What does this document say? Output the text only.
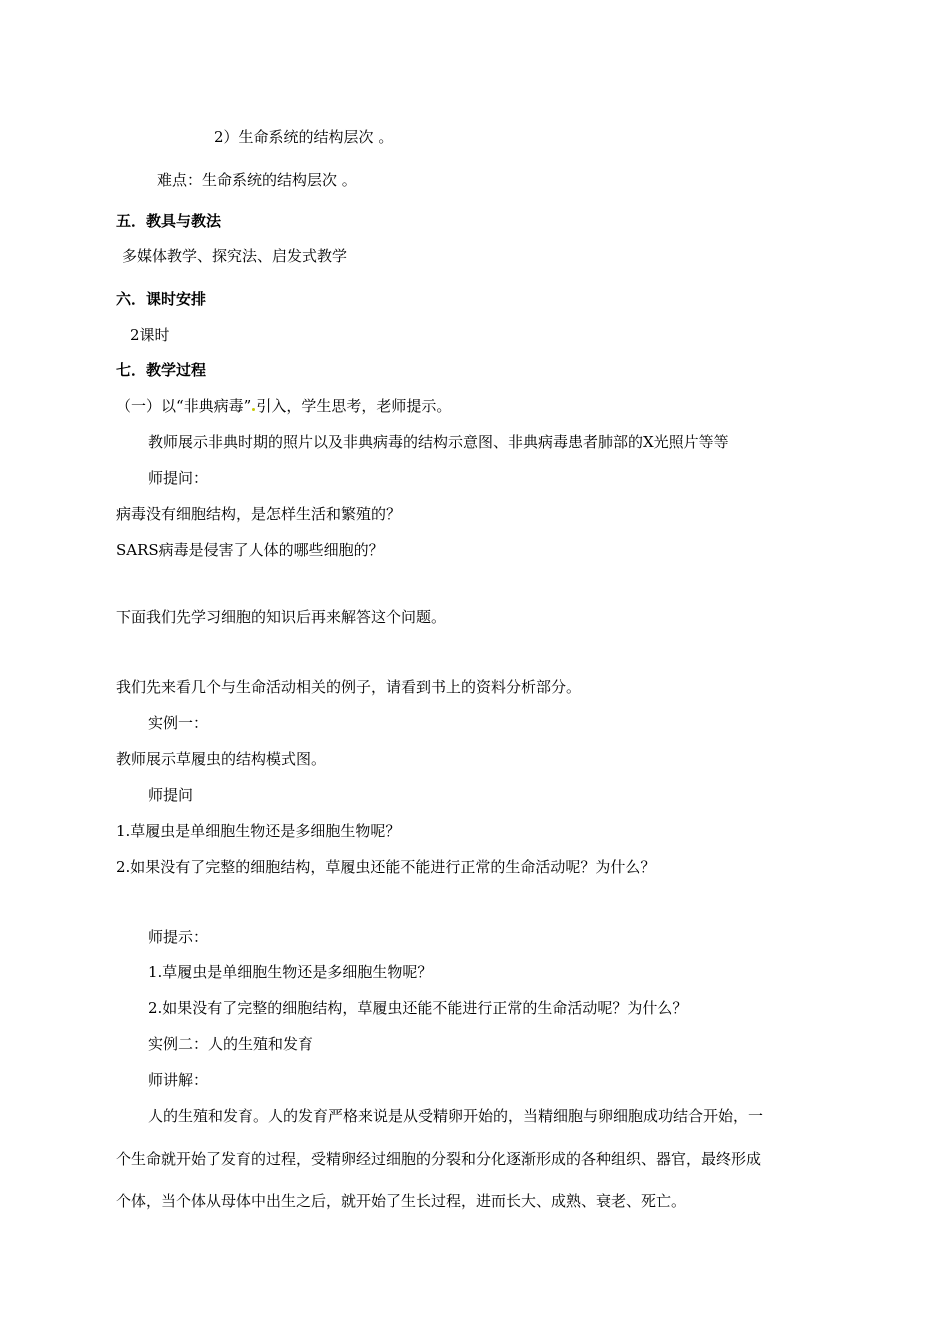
2）生命系统的结构层次 。
难点：生命系统的结构层次 。
五．教具与教法
多媒体教学、探究法、启发式教学
六．课时安排
2课时
七．教学过程
（一）以“非典病毒” 引入，学生思考，老师提示。
教师展示非典时期的照片以及非典病毒的结构示意图、非典病毒患者肺部的X光照片等等
师提问：
病毒没有细胞结构，是怎样生活和繁殖的？
SARS病毒是侵害了人体的哪些细胞的？
下面我们先学习细胞的知识后再来解答这个问题。
我们先来看几个与生命活动相关的例子，请看到书上的资料分析部分。
实例一：
教师展示草履虫的结构模式图。
师提问
1.草履虫是单细胞生物还是多细胞生物呢？
2.如果没有了完整的细胞结构，草履虫还能不能进行正常的生命活动呢？为什么？
师提示：
1.草履虫是单细胞生物还是多细胞生物呢？
2.如果没有了完整的细胞结构，草履虫还能不能进行正常的生命活动呢？为什么？
实例二：人的生殖和发育
师讲解：
人的生殖和发育。人的发育严格来说是从受精卵开始的，当精细胞与卵细胞成功结合开始，一
个生命就开始了发育的过程，受精卵经过细胞的分裂和分化逐渐形成的各种组织、器官，最终形成
个体，当个体从母体中出生之后，就开始了生长过程，进而长大、成熟、衰老、死亡。
